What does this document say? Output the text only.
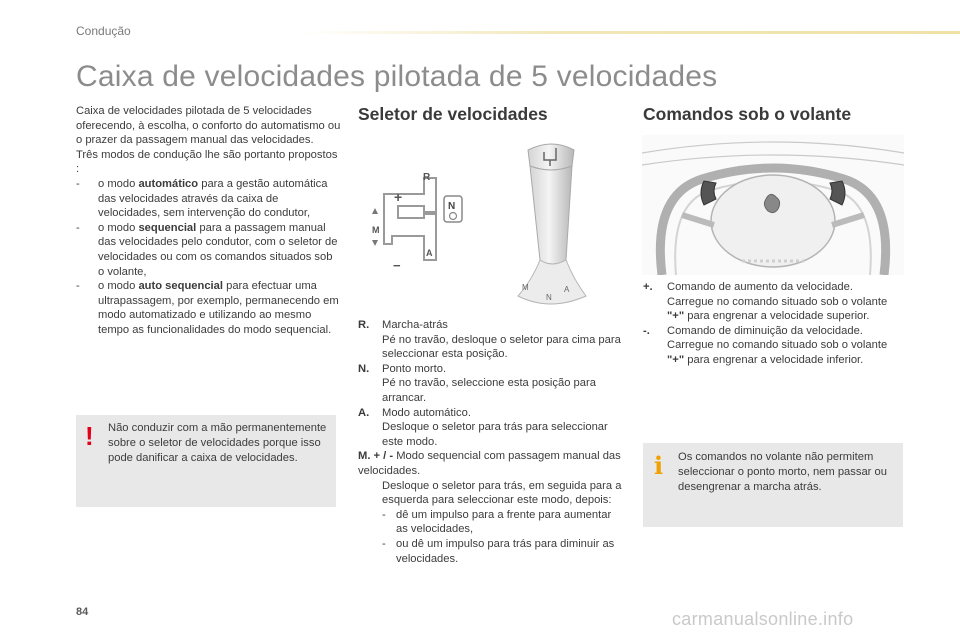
Condução
Caixa de velocidades pilotada de 5 velocidades

Caixa de velocidades pilotada de 5 velocidades oferecendo, à escolha, o conforto do automatismo ou o prazer da passagem manual das velocidades.

Três modos de condução lhe são portanto propostos :

-	o modo automático para a gestão automática das velocidades através da caixa de velocidades, sem intervenção do condutor,
-	o modo sequencial para a passagem manual das velocidades pelo condutor, com o seletor de velocidades ou com os comandos situados sob o volante,
-	o modo auto sequencial para efectuar uma ultrapassagem, por exemplo, permanecendo em modo automatizado e utilizando ao mesmo tempo as funcionalidades do modo sequencial.
! Não conduzir com a mão permanentemente sobre o seletor de velocidades porque isso pode danificar a caixa de velocidades.
Seletor de velocidades
R
+
M
−
A
N
A
M
N
R.	Marcha-atrás
Pé no travão, desloque o seletor para cima para seleccionar esta posição.
N.	Ponto morto.
Pé no travão, seleccione esta posição para arrancar.
A.	Modo automático.
Desloque o seletor para trás para seleccionar este modo.
M. + / - Modo sequencial com passagem manual das velocidades.
Desloque o seletor para trás, em seguida para a esquerda para seleccionar este modo, depois:
- dê um impulso para a frente para aumentar as velocidades,
- ou dê um impulso para trás para diminuir as velocidades.
Comandos sob o volante
+.	Comando de aumento da velocidade.
Carregue no comando situado sob o volante "+" para engrenar a velocidade superior.
-.	Comando de diminuição da velocidade.
Carregue no comando situado sob o volante "+" para engrenar a velocidade inferior.
i Os comandos no volante não permitem seleccionar o ponto morto, nem passar ou desengrenar a marcha atrás.
84	carmanualsonline.info
